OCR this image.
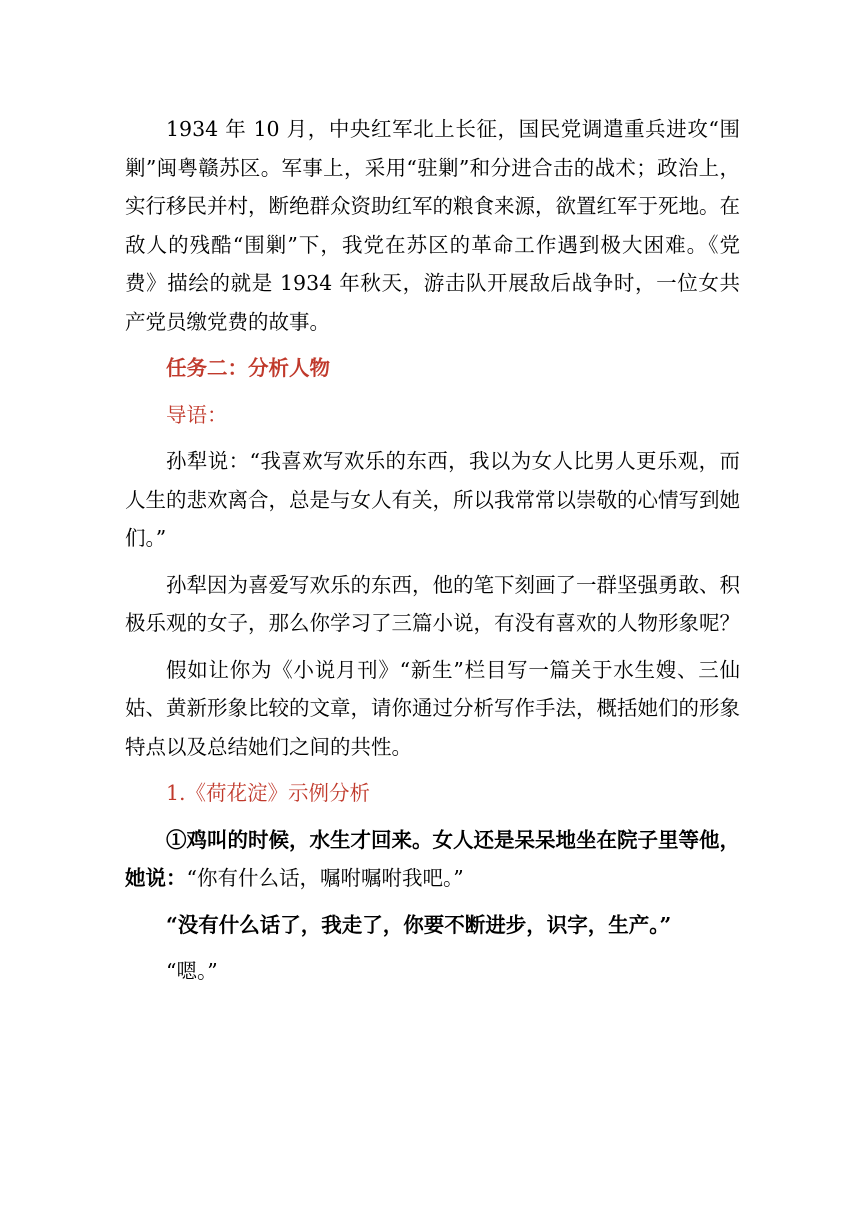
1934 年 10 月，中央红军北上长征，国民党调遣重兵进攻“围剿”闽粤赣苏区。军事上，采用“驻剿”和分进合击的战术；政治上，实行移民并村，断绝群众资助红军的粮食来源，欲置红军于死地。在敌人的残酷“围剿”下，我党在苏区的革命工作遇到极大困难。《党费》描绘的就是 1934 年秋天，游击队开展敌后战争时，一位女共产党员缴党费的故事。

任务二：分析人物

导语：

孙犁说：“我喜欢写欢乐的东西，我以为女人比男人更乐观，而人生的悲欢离合，总是与女人有关，所以我常常以崇敬的心情写到她们。”

孙犁因为喜爱写欢乐的东西，他的笔下刻画了一群坚强勇敢、积极乐观的女子，那么你学习了三篇小说，有没有喜欢的人物形象呢？

假如让你为《小说月刊》“新生”栏目写一篇关于水生嫂、三仙姑、黄新形象比较的文章，请你通过分析写作手法，概括她们的形象特点以及总结她们之间的共性。

1.《荷花淀》示例分析

①鸡叫的时候，水生才回来。女人还是呆呆地坐在院子里等他，她说：“你有什么话，嘱咐嘱咐我吧。”

“没有什么话了，我走了，你要不断进步，识字，生产。”

“嗯。”
